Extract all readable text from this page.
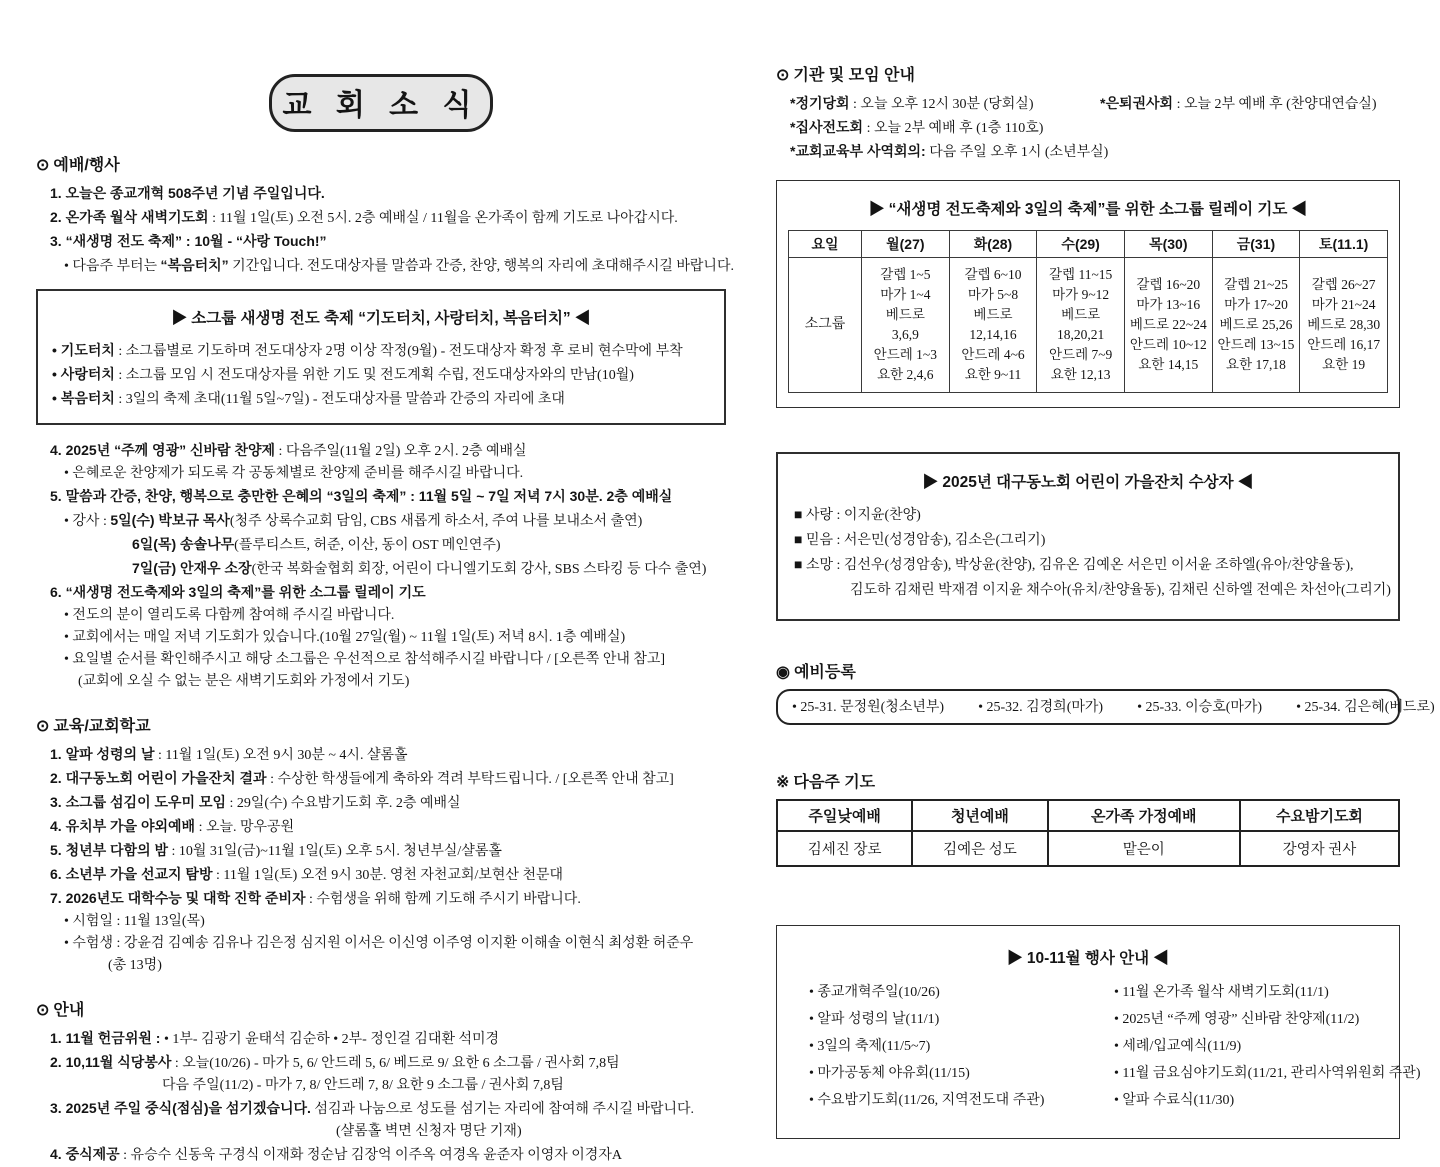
교 회 소 식
⊙ 예배/행사
1. 오늘은 종교개혁 508주년 기념 주일입니다.
2. 온가족 월삭 새벽기도회 : 11월 1일(토) 오전 5시. 2층 예배실 / 11월을 온가족이 함께 기도로 나아갑시다.
3. “새생명 전도 축제” : 10월 - “사랑 Touch!”
• 다음주 부터는 “복음터치” 기간입니다. 전도대상자를 말씀과 간증, 찬양, 행복의 자리에 초대해주시길 바랍니다.
▶ 소그룹 새생명 전도 축제 “기도터치, 사랑터치, 복음터치” ◀
• 기도터치 : 소그룹별로 기도하며 전도대상자 2명 이상 작정(9월) - 전도대상자 확정 후 로비 현수막에 부착
• 사랑터치 : 소그룹 모임 시 전도대상자를 위한 기도 및 전도계획 수립, 전도대상자와의 만남(10월)
• 복음터치 : 3일의 축제 초대(11월 5일~7일) - 전도대상자를 말씀과 간증의 자리에 초대
4. 2025년 “주께 영광” 신바람 찬양제 : 다음주일(11월 2일) 오후 2시. 2층 예배실
• 은혜로운 찬양제가 되도록 각 공동체별로 찬양제 준비를 해주시길 바랍니다.
5. 말씀과 간증, 찬양, 행복으로 충만한 은혜의 “3일의 축제” : 11월 5일 ~ 7일 저녁 7시 30분. 2층 예배실
• 강사 : 5일(수) 박보규 목사(청주 상록수교회 담임, CBS 새롭게 하소서, 주여 나를 보내소서 출연)
6일(목) 송솔나무(플루티스트, 허준, 이산, 동이 OST 메인연주)
7일(금) 안재우 소장(한국 복화술협회 회장, 어린이 다니엘기도회 강사, SBS 스타킹 등 다수 출연)
6. “새생명 전도축제와 3일의 축제”를 위한 소그룹 릴레이 기도
• 전도의 분이 열리도록 다함께 참여해 주시길 바랍니다.
• 교회에서는 매일 저녁 기도회가 있습니다.(10월 27일(월) ~ 11월 1일(토) 저녁 8시. 1층 예배실)
• 요일별 순서를 확인해주시고 해당 소그룹은 우선적으로 참석해주시길 바랍니다 / [오른쪽 안내 참고]
(교회에 오실 수 없는 분은 새벽기도회와 가정에서 기도)
⊙ 교육/교회학교
1. 알파 성령의 날 : 11월 1일(토) 오전 9시 30분 ~ 4시. 샬롬홀
2. 대구동노회 어린이 가을잔치 결과 : 수상한 학생들에게 축하와 격려 부탁드립니다. / [오른쪽 안내 참고]
3. 소그룹 섬김이 도우미 모임 : 29일(수) 수요밤기도회 후. 2층 예배실
4. 유치부 가을 야외예배 : 오늘. 망우공원
5. 청년부 다함의 밤 : 10월 31일(금)~11월 1일(토) 오후 5시. 청년부실/샬롬홀
6. 소년부 가을 선교지 탐방 : 11월 1일(토) 오전 9시 30분. 영천 자천교회/보현산 천문대
7. 2026년도 대학수능 및 대학 진학 준비자 : 수험생을 위해 함께 기도해 주시기 바랍니다.
• 시험일 : 11월 13일(목)
• 수험생 : 강윤검 김예송 김유나 김은정 심지원 이서은 이신영 이주영 이지환 이해솔 이현식 최성환 허준우
(총 13명)
⊙ 안내
1. 11월 헌금위원 : • 1부- 김광기 윤태석 김순하 • 2부- 정인걸 김대환 석미경
2. 10,11월 식당봉사 : 오늘(10/26) - 마가 5, 6/ 안드레 5, 6/ 베드로 9/ 요한 6 소그룹 / 권사회 7,8팀
다음 주일(11/2) - 마가 7, 8/ 안드레 7, 8/ 요한 9 소그룹 / 권사회 7,8팀
3. 2025년 주일 중식(점심)을 섬기겠습니다. 섬김과 나눔으로 성도를 섬기는 자리에 참여해 주시길 바랍니다.
(샬롬홀 벽면 신청자 명단 기재)
4. 중식제공 : 유승수 신동욱 구경식 이재화 정순남 김장억 이주옥 여경옥 윤준자 이영자 이경자A
⊙ 기관 및 모임 안내
*정기당회 : 오늘 오후 12시 30분 (당회실)	*은퇴권사회 : 오늘 2부 예배 후 (찬양대연습실)
*집사전도회 : 오늘 2부 예배 후 (1층 110호)
*교회교육부 사역회의: 다음 주일 오후 1시 (소년부실)
▶ “새생명 전도축제와 3일의 축제”를 위한 소그룹 릴레이 기도 ◀
요일	월(27)	화(28)	수(29)	목(30)	금(31)	토(11.1)
소그룹	
갈렙 1~5
마가 1~4
베드로
3,6,9
안드레 1~3
요한 2,4,6

갈렙 6~10
마가 5~8
베드로
12,14,16
안드레 4~6
요한 9~11

갈렙 11~15
마가 9~12
베드로
18,20,21
안드레 7~9
요한 12,13

갈렙 16~20
마가 13~16
베드로 22~24
안드레 10~12
요한 14,15

갈렙 21~25
마가 17~20
베드로 25,26
안드레 13~15
요한 17,18

갈렙 26~27
마가 21~24
베드로 28,30
안드레 16,17
요한 19
▶ 2025년 대구동노회 어린이 가을잔치 수상자 ◀
■ 사랑 : 이지윤(찬양)
■ 믿음 : 서은민(성경암송), 김소은(그리기)
■ 소망 : 김선우(성경암송), 박상윤(찬양), 김유온 김예온 서은민 이서윤 조하엘(유아/찬양율동),
김도하 김채린 박재겸 이지윤 채수아(유치/찬양율동), 김채린 신하엘 전예은 차선아(그리기)
◉ 예비등록
• 25-31. 문정원(청소년부) • 25-32. 김경희(마가) • 25-33. 이승호(마가) • 25-34. 김은혜(베드로)
※ 다음주 기도
주일낮예배	청년예배	온가족 가정예배	수요밤기도회
김세진 장로	김예은 성도	맡은이	강영자 권사
▶ 10-11월 행사 안내 ◀
• 종교개혁주일(10/26)
• 알파 성령의 날(11/1)
• 3일의 축제(11/5~7)
• 마가공동체 야유회(11/15)
• 수요밤기도회(11/26, 지역전도대 주관)
• 11월 온가족 월삭 새벽기도회(11/1)
• 2025년 “주께 영광” 신바람 찬양제(11/2)
• 세례/입교예식(11/9)
• 11월 금요심야기도회(11/21, 관리사역위원회 주관)
• 알파 수료식(11/30)
